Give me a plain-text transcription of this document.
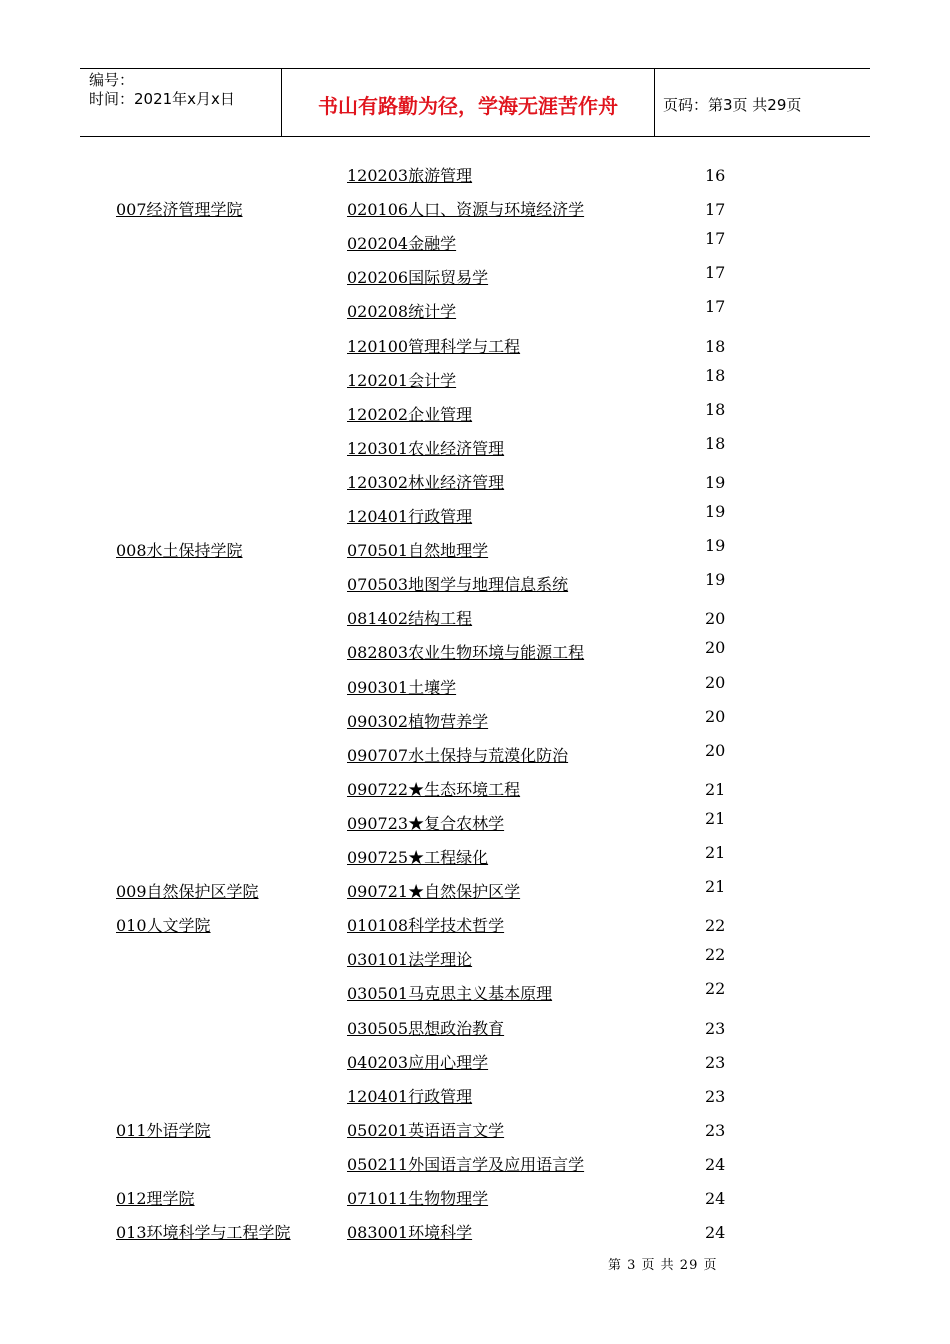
编号：
时间：2021年x月x日	书山有路勤为径，学海无涯苦作舟	页码：第3页 共29页
120203旅游管理	16
007经济管理学院	020106人口、资源与环境经济学	17
020204金融学	17
020206国际贸易学	17
020208统计学	17
120100管理科学与工程	18
120201会计学	18
120202企业管理	18
120301农业经济管理	18
120302林业经济管理	19
120401行政管理	19
008水土保持学院	070501自然地理学	19
070503地图学与地理信息系统	19
081402结构工程	20
082803农业生物环境与能源工程	20
090301土壤学	20
090302植物营养学	20
090707水土保持与荒漠化防治	20
090722★生态环境工程	21
090723★复合农林学	21
090725★工程绿化	21
009自然保护区学院	090721★自然保护区学	21
010人文学院	010108科学技术哲学	22
030101法学理论	22
030501马克思主义基本原理	22
030505思想政治教育	23
040203应用心理学	23
120401行政管理	23
011外语学院	050201英语语言文学	23
050211外国语言学及应用语言学	24
012理学院	071011生物物理学	24
013环境科学与工程学院	083001环境科学	24
第 3 页 共 29 页
